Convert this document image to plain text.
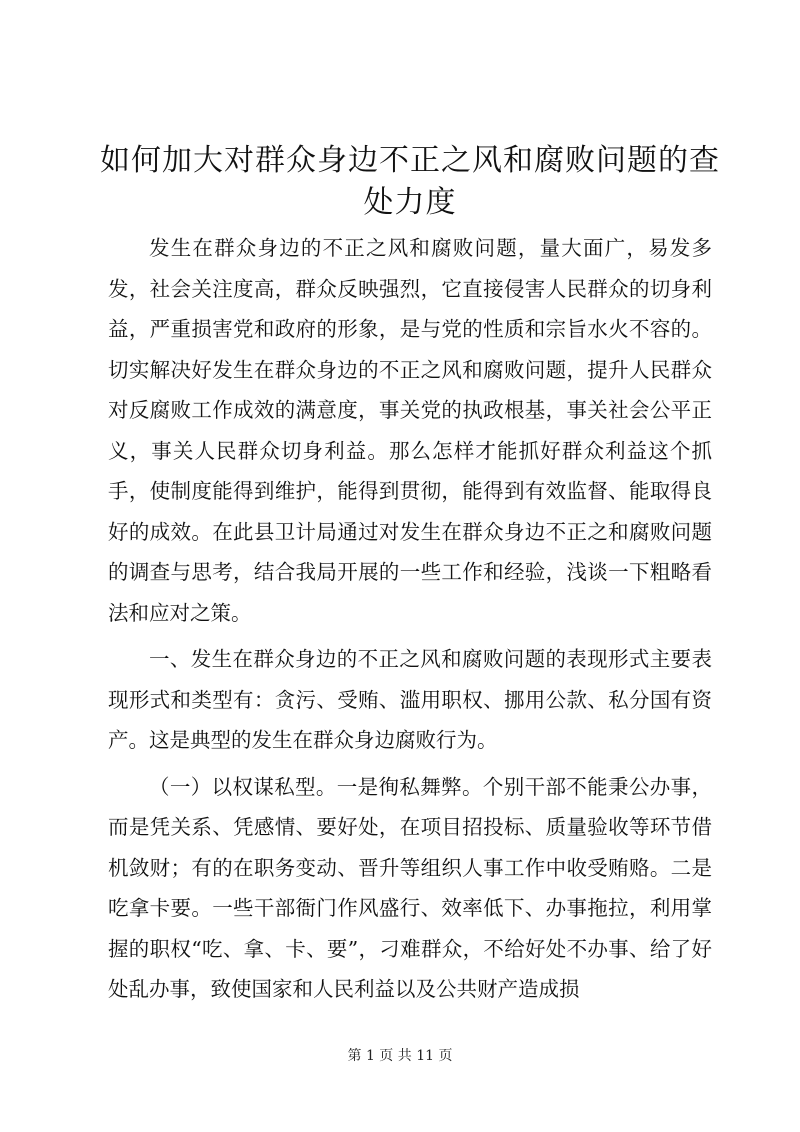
如何加大对群众身边不正之风和腐败问题的查
处力度

发生在群众身边的不正之风和腐败问题，量大面广，易发多发，社会关注度高，群众反映强烈，它直接侵害人民群众的切身利益，严重损害党和政府的形象，是与党的性质和宗旨水火不容的。切实解决好发生在群众身边的不正之风和腐败问题，提升人民群众对反腐败工作成效的满意度，事关党的执政根基，事关社会公平正义，事关人民群众切身利益。那么怎样才能抓好群众利益这个抓手，使制度能得到维护，能得到贯彻，能得到有效监督、能取得良好的成效。在此县卫计局通过对发生在群众身边不正之和腐败问题的调查与思考，结合我局开展的一些工作和经验，浅谈一下粗略看法和应对之策。

一、发生在群众身边的不正之风和腐败问题的表现形式主要表现形式和类型有：贪污、受贿、滥用职权、挪用公款、私分国有资产。这是典型的发生在群众身边腐败行为。

（一）以权谋私型。一是徇私舞弊。个别干部不能秉公办事，而是凭关系、凭感情、要好处，在项目招投标、质量验收等环节借机敛财；有的在职务变动、晋升等组织人事工作中收受贿赂。二是吃拿卡要。一些干部衙门作风盛行、效率低下、办事拖拉，利用掌握的职权“吃、拿、卡、要”，刁难群众，不给好处不办事、给了好处乱办事，致使国家和人民利益以及公共财产造成损

第 1 页 共 11 页
